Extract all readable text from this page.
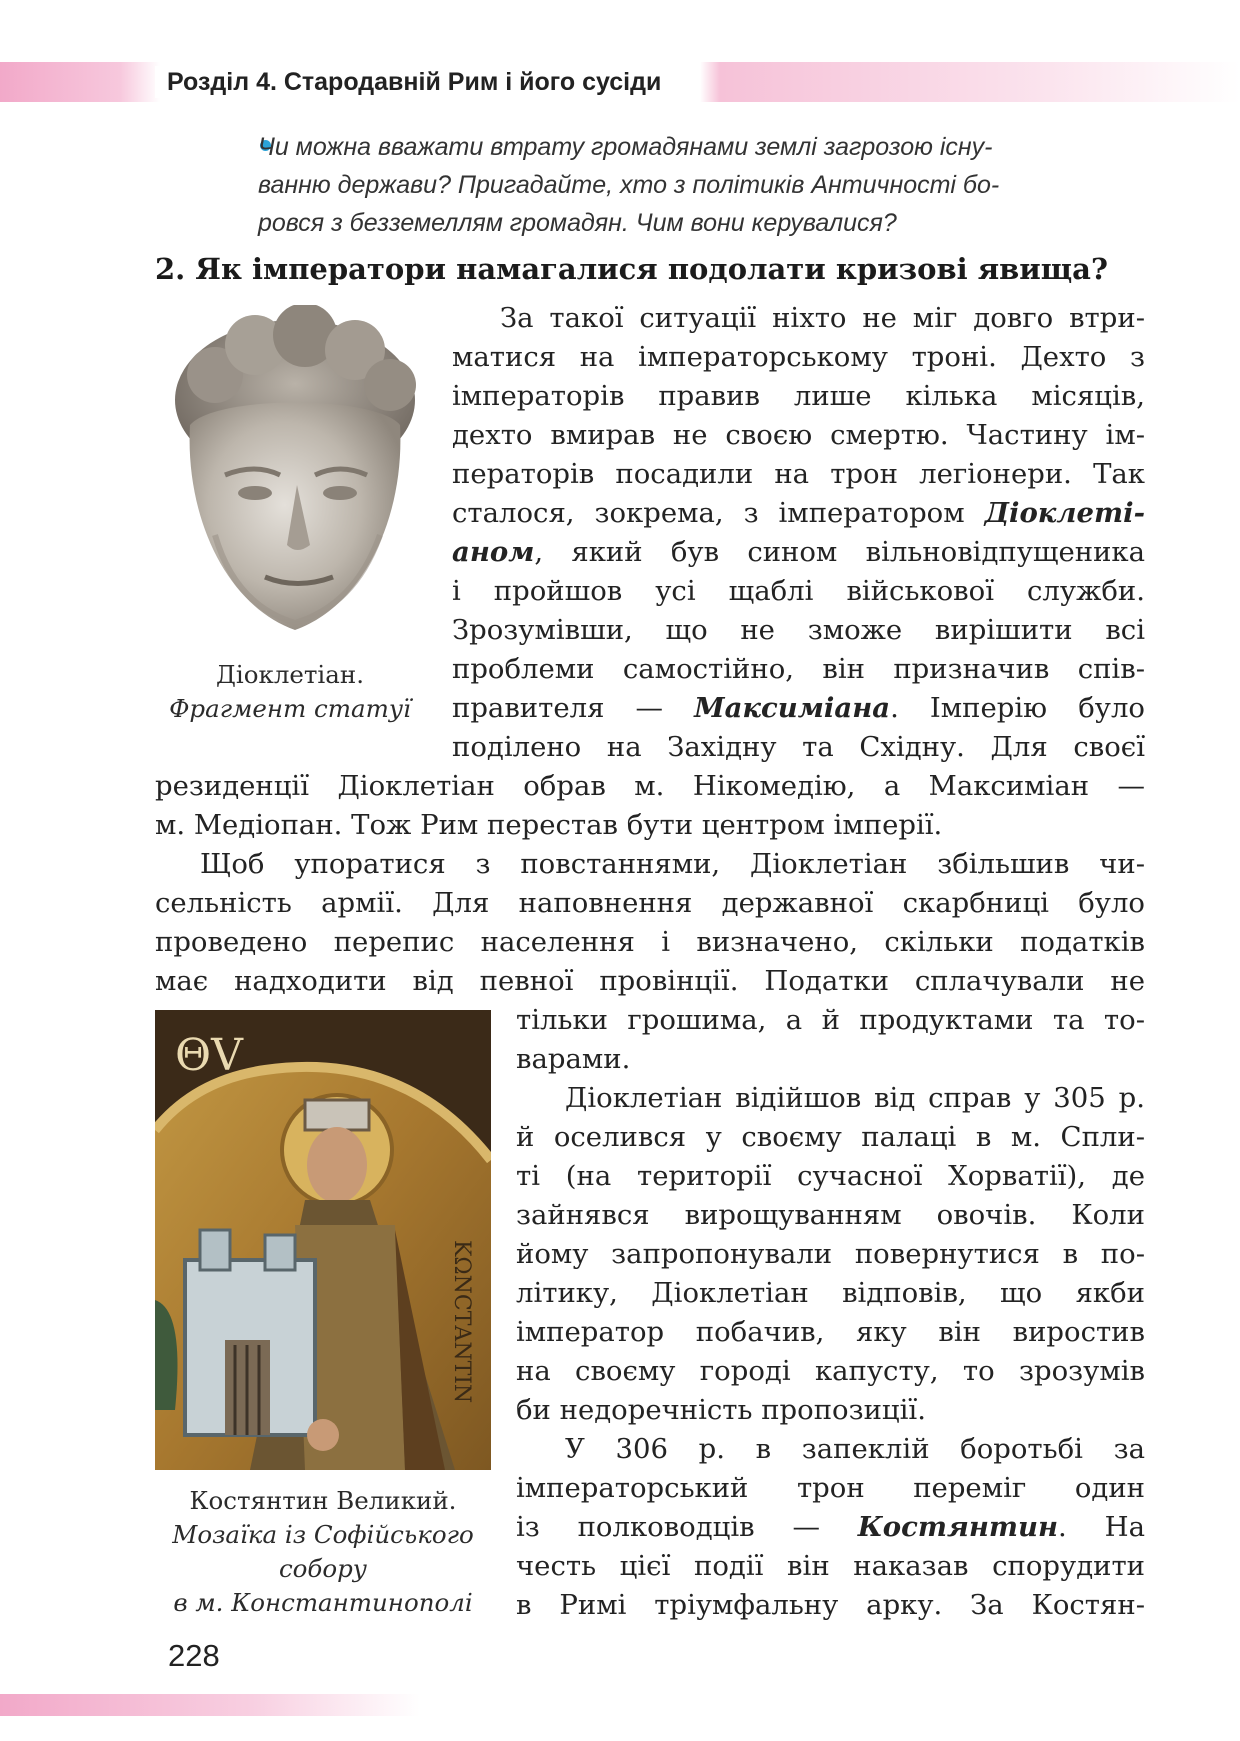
Розділ 4. Стародавній Рим і його сусіди
Чи можна вважати втрату громадянами землі загрозою існу-
ванню держави? Пригадайте, хто з політиків Античності бо-
ровся з безземеллям громадян. Чим вони керувалися?
2. Як імператори намагалися подолати кризові явища?
Діоклетіан.
Фрагмент статуї
ΘV
ΚΩΝCΤΑΝΤΙΝ
Костянтин Великий.
Мозаїка із Софійського
собору
в м. Константинополі
За такої ситуації ніхто не міг довго втри-
матися на імператорському троні. Дехто з
імператорів правив лише кілька місяців,
дехто вмирав не своєю смертю. Частину ім-
ператорів посадили на трон легіонери. Так
сталося, зокрема, з імператором Діоклеті-
аном, який був сином вільновідпущеника
і пройшов усі щаблі військової служби.
Зрозумівши, що не зможе вирішити всі
проблеми самостійно, він призначив спів-
правителя — Максиміана. Імперію було
поділено на Західну та Східну. Для своєї
резиденції Діоклетіан обрав м. Нікомедію, а Максиміан —
м. Медіопан. Тож Рим перестав бути центром імперії.
Щоб упоратися з повстаннями, Діоклетіан збільшив чи-
сельність армії. Для наповнення державної скарбниці було
проведено перепис населення і визначено, скільки податків
має надходити від певної провінції. Податки сплачували не
тільки грошима, а й продуктами та то-
варами.
Діоклетіан відійшов від справ у 305 р.
й оселився у своєму палаці в м. Спли-
ті (на території сучасної Хорватії), де
зайнявся вирощуванням овочів. Коли
йому запропонували повернутися в по-
літику, Діоклетіан відповів, що якби
імператор побачив, яку він виростив
на своєму городі капусту, то зрозумів
би недоречність пропозиції.
У 306 р. в запеклій боротьбі за
імператорський трон переміг один
із полководців — Костянтин. На
честь цієї події він наказав спорудити
в Римі тріумфальну арку. За Костян-
228
